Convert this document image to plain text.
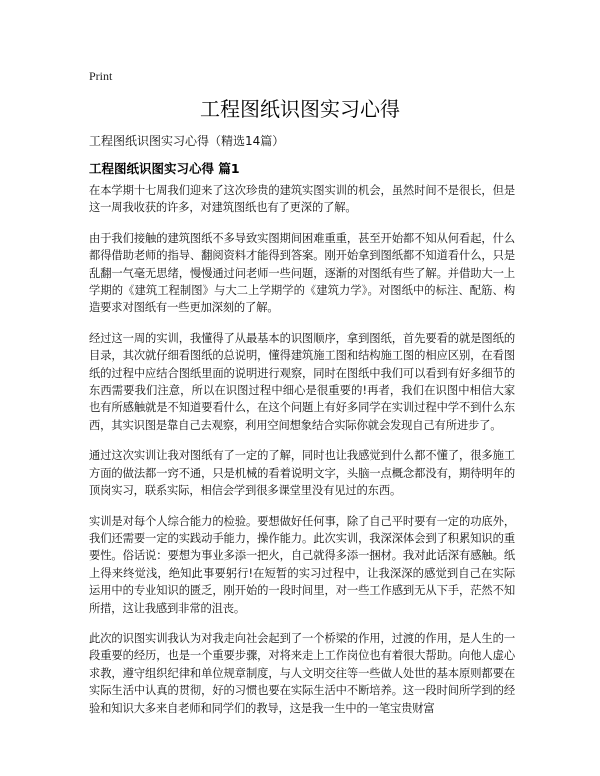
Print
工程图纸识图实习心得
工程图纸识图实习心得（精选14篇）
工程图纸识图实习心得 篇1

在本学期十七周我们迎来了这次珍贵的建筑实图实训的机会，虽然时间不是很长，但是这一周我收获的许多，对建筑图纸也有了更深的了解。

由于我们接触的建筑图纸不多导致实图期间困难重重，甚至开始都不知从何看起，什么都得借助老师的指导、翻阅资料才能得到答案。刚开始拿到图纸都不知道看什么，只是乱翻一气毫无思绪，慢慢通过问老师一些问题，逐渐的对图纸有些了解。并借助大一上学期的《建筑工程制图》与大二上学期学的《建筑力学》。对图纸中的标注、配筋、构造要求对图纸有一些更加深刻的了解。

经过这一周的实训，我懂得了从最基本的识图顺序，拿到图纸，首先要看的就是图纸的目录，其次就仔细看图纸的总说明，懂得建筑施工图和结构施工图的相应区别，在看图纸的过程中应结合图纸里面的说明进行观察，同时在图纸中我们可以看到有好多细节的东西需要我们注意，所以在识图过程中细心是很重要的!再者，我们在识图中相信大家也有所感触就是不知道要看什么，在这个问题上有好多同学在实训过程中学不到什么东西，其实识图是靠自己去观察，利用空间想象结合实际你就会发现自己有所进步了。

通过这次实训让我对图纸有了一定的了解，同时也让我感觉到什么都不懂了，很多施工方面的做法都一窍不通，只是机械的看着说明文字，头脑一点概念都没有，期待明年的顶岗实习，联系实际，相信会学到很多课堂里没有见过的东西。

实训是对每个人综合能力的检验。要想做好任何事，除了自己平时要有一定的功底外，我们还需要一定的实践动手能力，操作能力。此次实训，我深深体会到了积累知识的重要性。俗话说：要想为事业多添一把火，自己就得多添一捆材。我对此话深有感触。纸上得来终觉浅，绝知此事要躬行!在短暂的实习过程中，让我深深的感觉到自己在实际运用中的专业知识的匮乏，刚开始的一段时间里，对一些工作感到无从下手，茫然不知所措，这让我感到非常的沮丧。

此次的识图实训我认为对我走向社会起到了一个桥梁的作用，过渡的作用，是人生的一段重要的经历，也是一个重要步骤，对将来走上工作岗位也有着很大帮助。向他人虚心求教，遵守组织纪律和单位规章制度，与人文明交往等一些做人处世的基本原则都要在实际生活中认真的贯彻，好的习惯也要在实际生活中不断培养。这一段时间所学到的经验和知识大多来自老师和同学们的教导，这是我一生中的一笔宝贵财富
